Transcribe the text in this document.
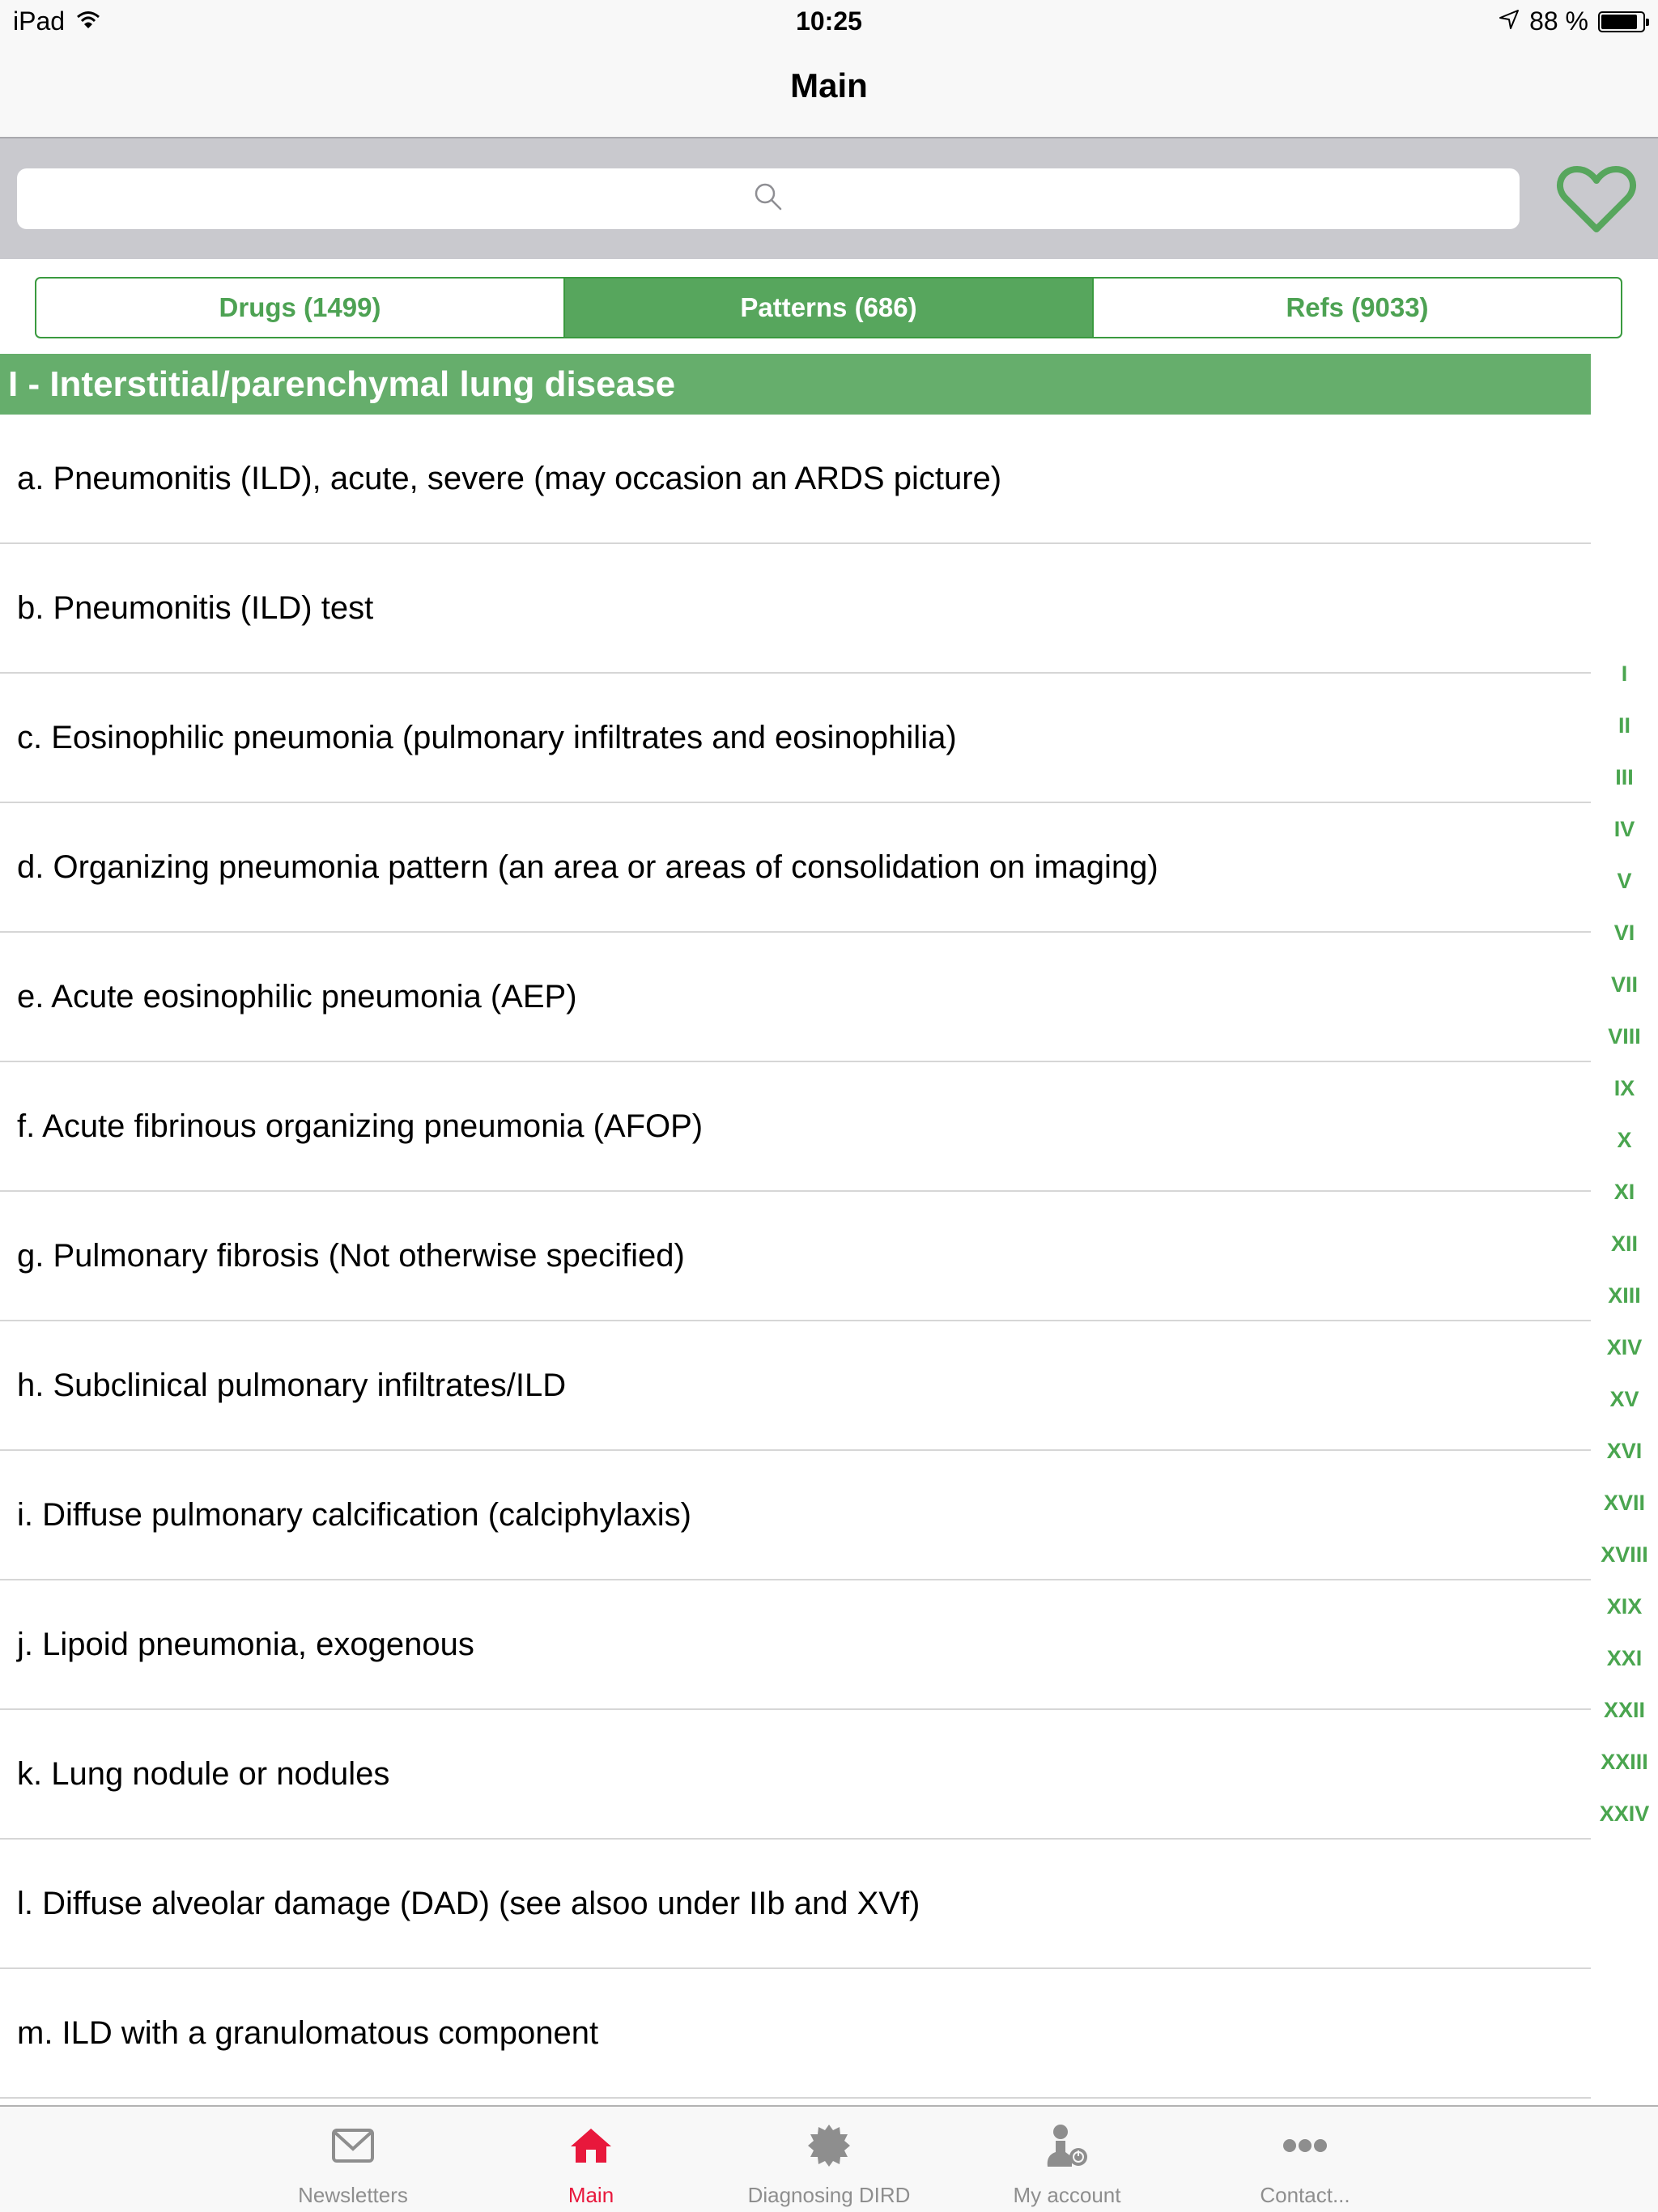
iPad	10:25	88 %
Main
Drugs (1499)	Patterns (686)	Refs (9033)
I - Interstitial/parenchymal lung disease
a. Pneumonitis (ILD), acute, severe (may occasion an ARDS picture)
b. Pneumonitis (ILD) test
c. Eosinophilic pneumonia (pulmonary infiltrates and eosinophilia)
d. Organizing pneumonia pattern (an area or areas of consolidation on imaging)
e. Acute eosinophilic pneumonia (AEP)
f. Acute fibrinous organizing pneumonia (AFOP)
g. Pulmonary fibrosis (Not otherwise specified)
h. Subclinical pulmonary infiltrates/ILD
i. Diffuse pulmonary calcification (calciphylaxis)
j. Lipoid pneumonia, exogenous
k. Lung nodule or nodules
l. Diffuse alveolar damage (DAD) (see alsoo under IIb and XVf)
m. ILD with a granulomatous component
I
II
III
IV
V
VI
VII
VIII
IX
X
XI
XII
XIII
XIV
XV
XVI
XVII
XVIII
XIX
XXI
XXII
XXIII
XXIV
Newsletters	Main	Diagnosing DIRD	My account	Contact...
